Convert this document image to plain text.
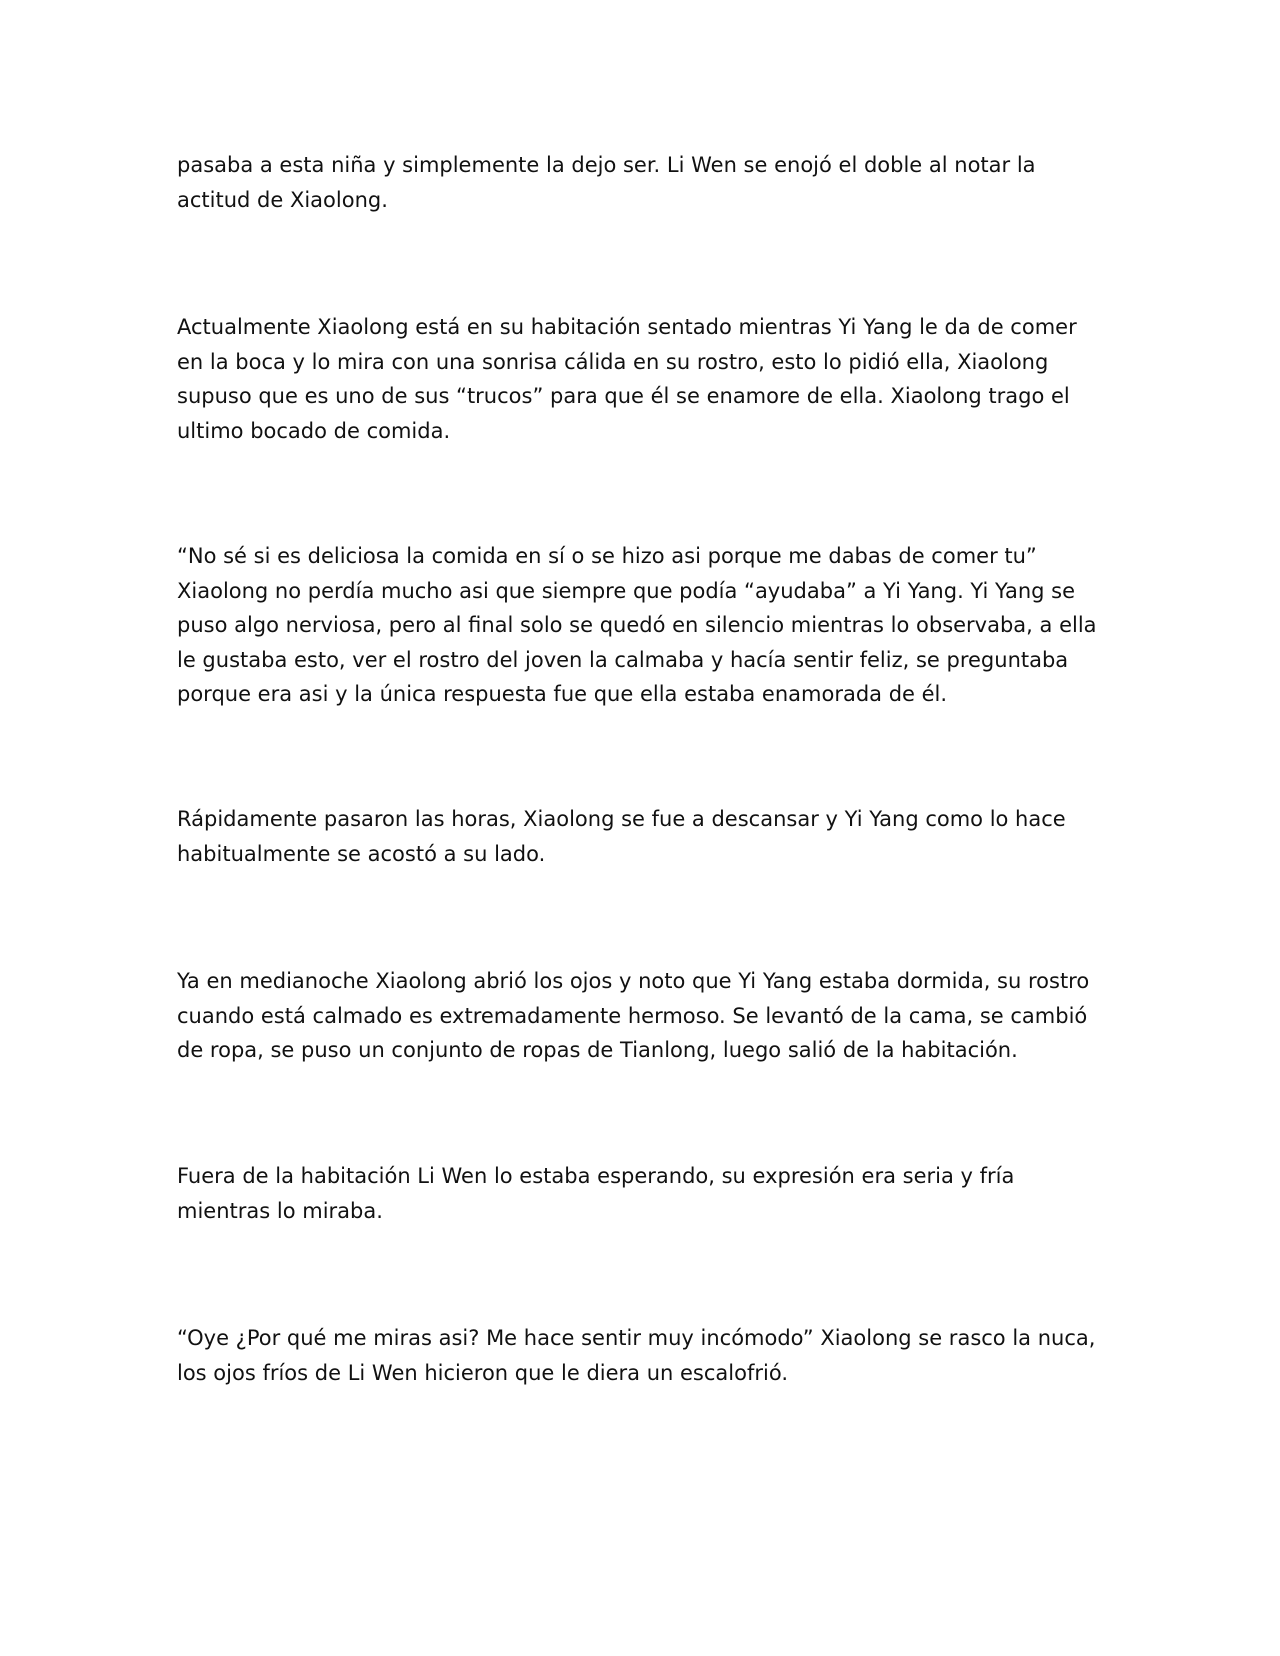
pasaba a esta niña y simplemente la dejo ser. Li Wen se enojó el doble al notar la
actitud de Xiaolong.
Actualmente Xiaolong está en su habitación sentado mientras Yi Yang le da de comer
en la boca y lo mira con una sonrisa cálida en su rostro, esto lo pidió ella, Xiaolong
supuso que es uno de sus “trucos” para que él se enamore de ella. Xiaolong trago el
ultimo bocado de comida.
“No sé si es deliciosa la comida en sí o se hizo asi porque me dabas de comer tu”
Xiaolong no perdía mucho asi que siempre que podía “ayudaba” a Yi Yang. Yi Yang se
puso algo nerviosa, pero al final solo se quedó en silencio mientras lo observaba, a ella
le gustaba esto, ver el rostro del joven la calmaba y hacía sentir feliz, se preguntaba
porque era asi y la única respuesta fue que ella estaba enamorada de él.
Rápidamente pasaron las horas, Xiaolong se fue a descansar y Yi Yang como lo hace
habitualmente se acostó a su lado.
Ya en medianoche Xiaolong abrió los ojos y noto que Yi Yang estaba dormida, su rostro
cuando está calmado es extremadamente hermoso. Se levantó de la cama, se cambió
de ropa, se puso un conjunto de ropas de Tianlong, luego salió de la habitación.
Fuera de la habitación Li Wen lo estaba esperando, su expresión era seria y fría
mientras lo miraba.
“Oye ¿Por qué me miras asi? Me hace sentir muy incómodo” Xiaolong se rasco la nuca,
los ojos fríos de Li Wen hicieron que le diera un escalofrió.
